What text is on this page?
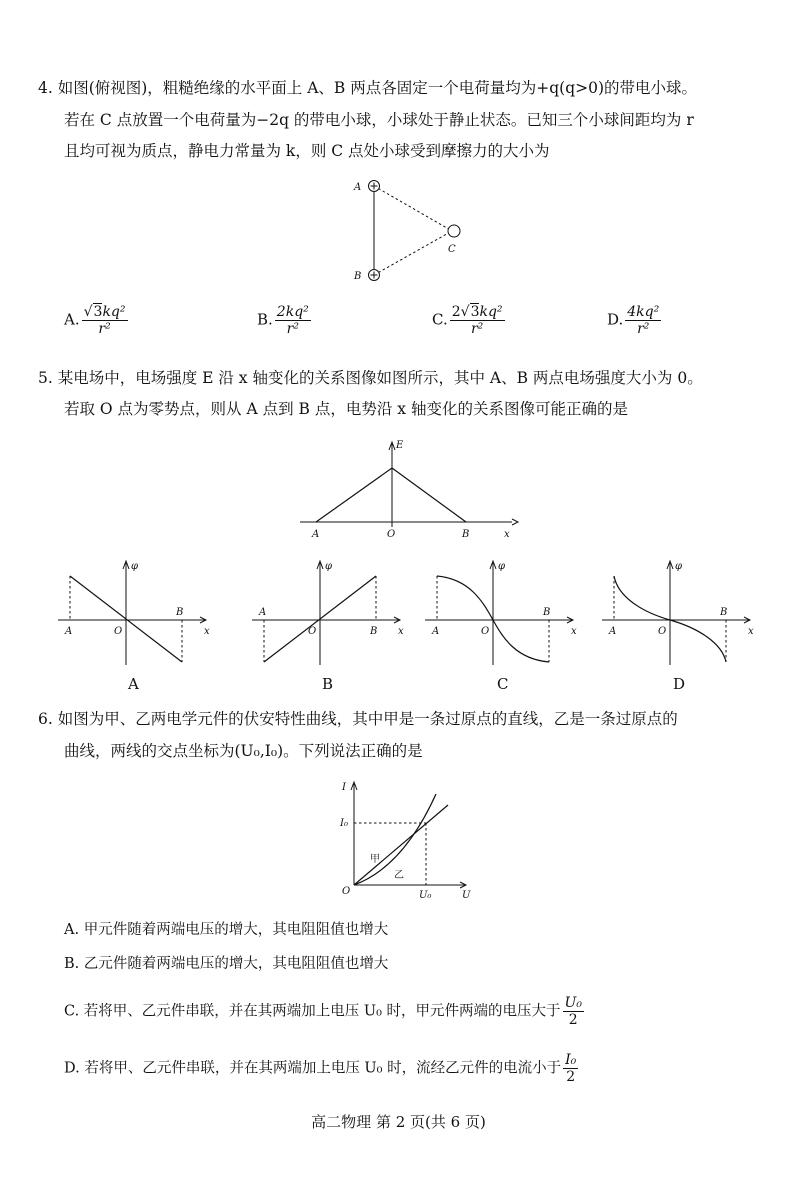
4. 如图(俯视图)，粗糙绝缘的水平面上 A、B 两点各固定一个电荷量均为+q(q>0)的带电小球。
若在 C 点放置一个电荷量为−2q 的带电小球，小球处于静止状态。已知三个小球间距均为 r
且均可视为质点，静电力常量为 k，则 C 点处小球受到摩擦力的大小为
A
B
C
A. $\frac{\text{√3kq²}}{\text{r²}}$	B. $\frac{\text{2kq²}}{\text{r²}}$	C. $\frac{\text{2√3kq²}}{\text{r²}}$	D. $\frac{\text{4kq²}}{\text{r²}}$
5. 某电场中，电场强度 E 沿 x 轴变化的关系图像如图所示，其中 A、B 两点电场强度大小为 0。
若取 O 点为零势点，则从 A 点到 B 点，电势沿 x 轴变化的关系图像可能正确的是
E
A	O	B	x
φ
A	O
B
x
φ
A
O	B x
φ
A	O
B
x
φ
A	O
B
x
A	B	C	D
6. 如图为甲、乙两电学元件的伏安特性曲线，其中甲是一条过原点的直线，乙是一条过原点的
曲线，两线的交点坐标为(U₀,I₀)。下列说法正确的是
I
I₀
O	U₀	U
甲
乙
A. 甲元件随着两端电压的增大，其电阻阻值也增大
B. 乙元件随着两端电压的增大，其电阻阻值也增大
C. 若将甲、乙元件串联，并在其两端加上电压 U₀ 时，甲元件两端的电压大于 $\frac{\text{U₀}}{2}$
D. 若将甲、乙元件串联，并在其两端加上电压 U₀ 时，流经乙元件的电流小于 $\frac{\text{I₀}}{2}$
高二物理 第 2 页(共 6 页)
